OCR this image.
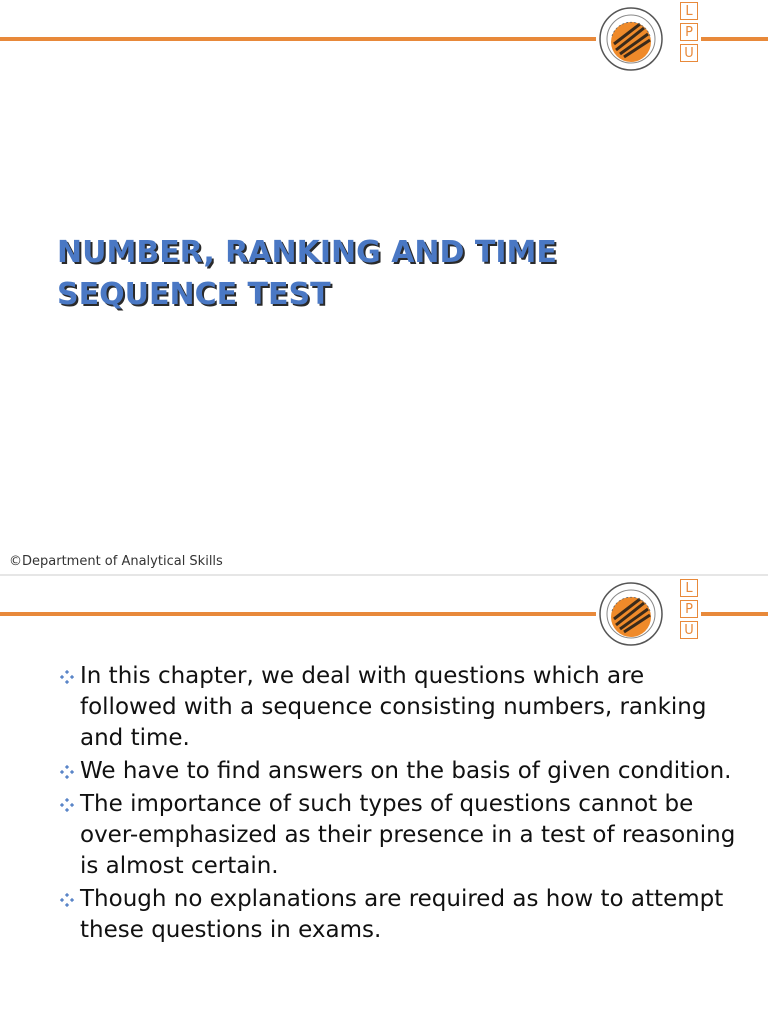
L
P
U
NUMBER, RANKING AND TIME
SEQUENCE TEST
©Department of Analytical Skills
L
P
U
In this chapter, we deal with questions which are followed with a sequence consisting numbers, ranking and time.
We have to find answers on the basis of given condition.
The importance of such types of questions cannot be over-emphasized as their presence in a test of reasoning is almost certain.
Though no explanations are required as how to attempt these questions in exams.
